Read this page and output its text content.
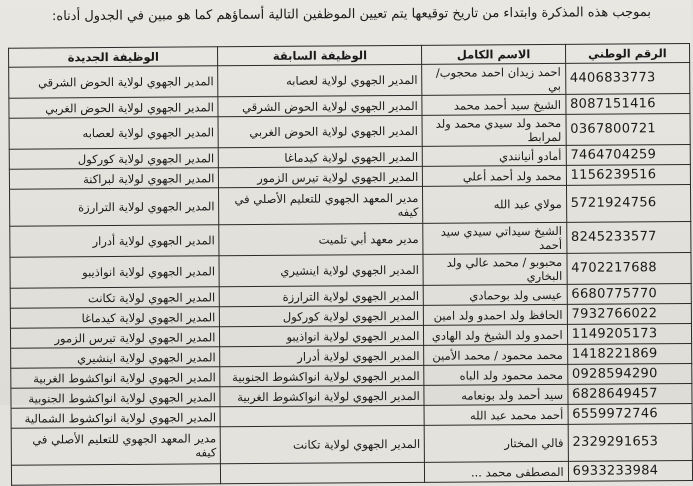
بموجب هذه المذكرة وابتداء من تاريخ توقيعها يتم تعيين الموظفين التالية أسماؤهم كما هو مبين في الجدول أدناه:
الرقم الوطني	الاسم الكامل	الوظيفة السابقة	الوظيفة الجديدة
4406833773	احمد زيدان احمد محجوب/ بي	المدير الجهوي لولاية لعصابه	المدير الجهوي لولاية الحوض الشرقي
8087151416	الشيخ سيد أحمد محمد	المدير الجهوي لولاية الحوض الشرقي	المدير الجهوي لولاية الحوض الغربي
0367800721	محمد ولد سيدي محمد ولد لمرابط	المدير الجهوي لولاية الحوض الغربي	المدير الجهوي لولاية لعصابه
7464704259	أمادو أنيانندي	المدير الجهوي لولاية كيدماغا	المدير الجهوي لولاية كوركول
1156239516	محمد ولد أحمد أعلي	المدير الجهوي لولاية تيرس الزمور	المدير الجهوي لولاية لبراكنة
5721924756	مولاي عبد الله	مدير المعهد الجهوي للتعليم الأصلي في كيفه	المدير الجهوي لولاية الترارزة
8245233577	الشيخ سيداتي سيدي سيد أحمد	مدير معهد أبي تلميت	المدير الجهوي لولاية أدرار
4702217688	محبوبو / محمد عالي ولد البخاري	المدير الجهوي لولاية اينشيري	المدير الجهوي لولاية انواذيبو
6680775770	عيسى ولد بوحمادي	المدير الجهوي لولاية الترارزة	المدير الجهوي لولاية تكانت
7932766022	الحافظ ولد احمدو ولد امين	المدير الجهوي لولاية كوركول	المدير الجهوي لولاية كيدماغا
1149205173	احمدو ولد الشيخ ولد الهادي	المدير الجهوي لولاية انواذيبو	المدير الجهوي لولاية تيرس الزمور
1418221869	محمد محمود / محمد الأمين	المدير الجهوي لولاية أدرار	المدير الجهوي لولاية اينشيري
0928594290	محمد محمود ولد الباه	المدير الجهوي لولاية انواكشوط الجنوبية	المدير الجهوي لولاية انواكشوط الغربية
6828649457	سيد أحمد ولد بونعامه	المدير الجهوي لولاية انواكشوط الغربية	المدير الجهوي لولاية انواكشوط الجنوبية
6559972746	أحمد محمد عبد الله		المدير الجهوي لولاية انواكشوط الشمالية
2329291653	فالي المختار	المدير الجهوي لولاية تكانت	مدير المعهد الجهوي للتعليم الأصلي في كيفه
6933233984	المصطفى محمد ...		
